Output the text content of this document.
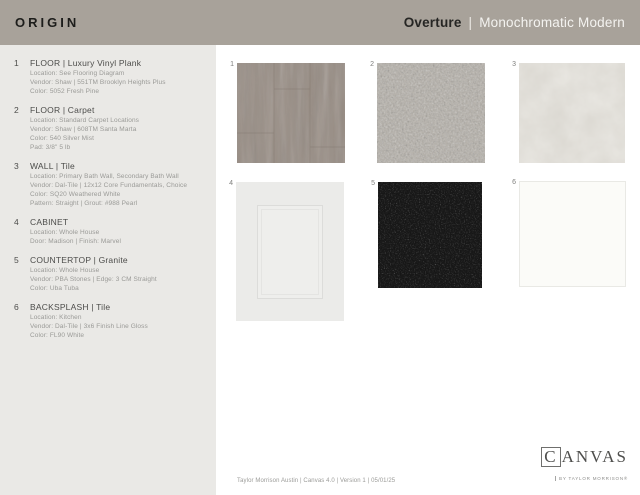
ORIGIN	Overture | Monochromatic Modern
1	FLOOR | Luxury Vinyl Plank
Location: See Flooring Diagram
Vendor: Shaw | 551TM Brooklyn Heights Plus
Color: 5052 Fresh Pine
2	FLOOR | Carpet
Location: Standard Carpet Locations
Vendor: Shaw | 608TM Santa Marta
Color: 540 Silver Mist
Pad: 3/8" 5 lb
3	WALL | Tile
Location: Primary Bath Wall, Secondary Bath Wall
Vendor: Dal-Tile | 12x12 Core Fundamentals, Choice
Color: SQ20 Weathered White
Pattern: Straight | Grout: #988 Pearl
4	CABINET
Location: Whole House
Door: Madison | Finish: Marvel
5	COUNTERTOP | Granite
Location: Whole House
Vendor: PBA Stones | Edge: 3 CM Straight
Color: Uba Tuba
6	BACKSPLASH | Tile
Location: Kitchen
Vendor: Dal-Tile | 3x6 Finish Line Gloss
Color: FL90 White
1	2	3
4	5	6
Taylor Morrison Austin | Canvas 4.0 | Version 1 | 05/01/25
C ANVAS

BY TAYLOR MORRISON®
